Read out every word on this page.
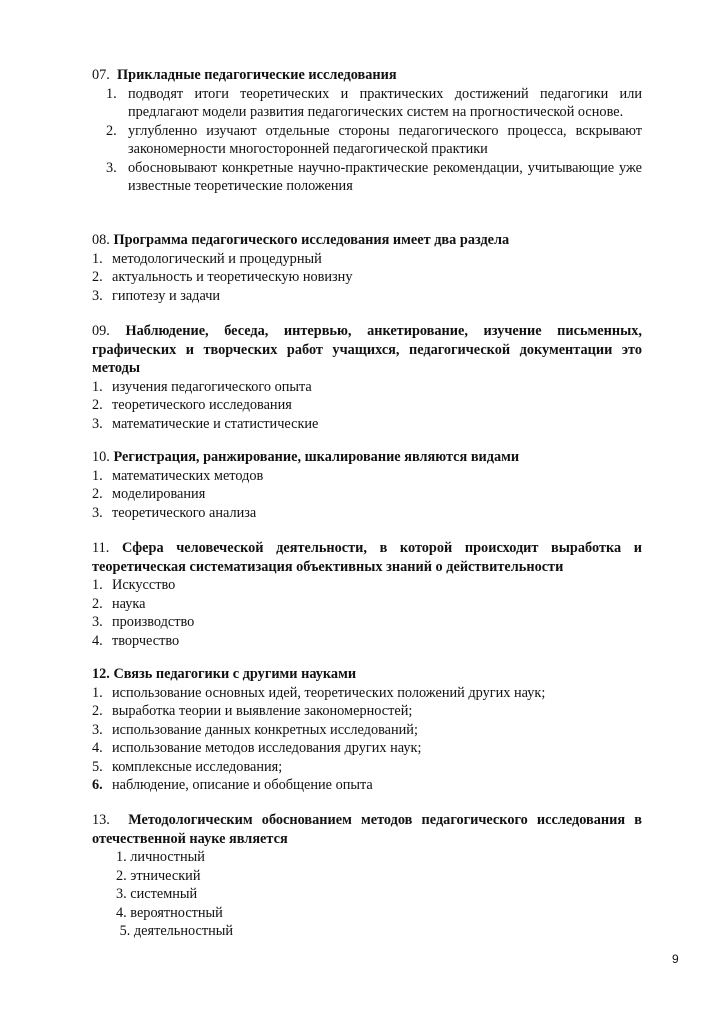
07. Прикладные педагогические исследования
1. подводят итоги теоретических и практических достижений педагогики или предлагают модели развития педагогических систем на прогностической основе.
2. углубленно изучают отдельные стороны педагогического процесса, вскрывают закономерности многосторонней педагогической практики
3. обосновывают конкретные научно-практические рекомендации, учитывающие уже известные теоретические положения
08. Программа педагогического исследования имеет два раздела
1. методологический и процедурный
2. актуальность и теоретическую новизну
3. гипотезу и задачи
09. Наблюдение, беседа, интервью, анкетирование, изучение письменных, графических и творческих работ учащихся, педагогической документации это методы
1. изучения педагогического опыта
2. теоретического исследования
3. математические и статистические
10. Регистрация, ранжирование, шкалирование являются видами
1. математических методов
2. моделирования
3. теоретического анализа
11. Сфера человеческой деятельности, в которой происходит выработка и теоретическая систематизация объективных знаний о действительности
1. Искусство
2. наука
3. производство
4. творчество
12. Связь педагогики с другими науками
1. использование основных идей, теоретических положений других наук;
2. выработка теории и выявление закономерностей;
3. использование данных конкретных исследований;
4. использование методов исследования других наук;
5. комплексные исследования;
6. наблюдение, описание и обобщение опыта
13. Методологическим обоснованием методов педагогического исследования в отечественной науке является
1. личностный
2. этнический
3. системный
4. вероятностный
5. деятельностный
9
